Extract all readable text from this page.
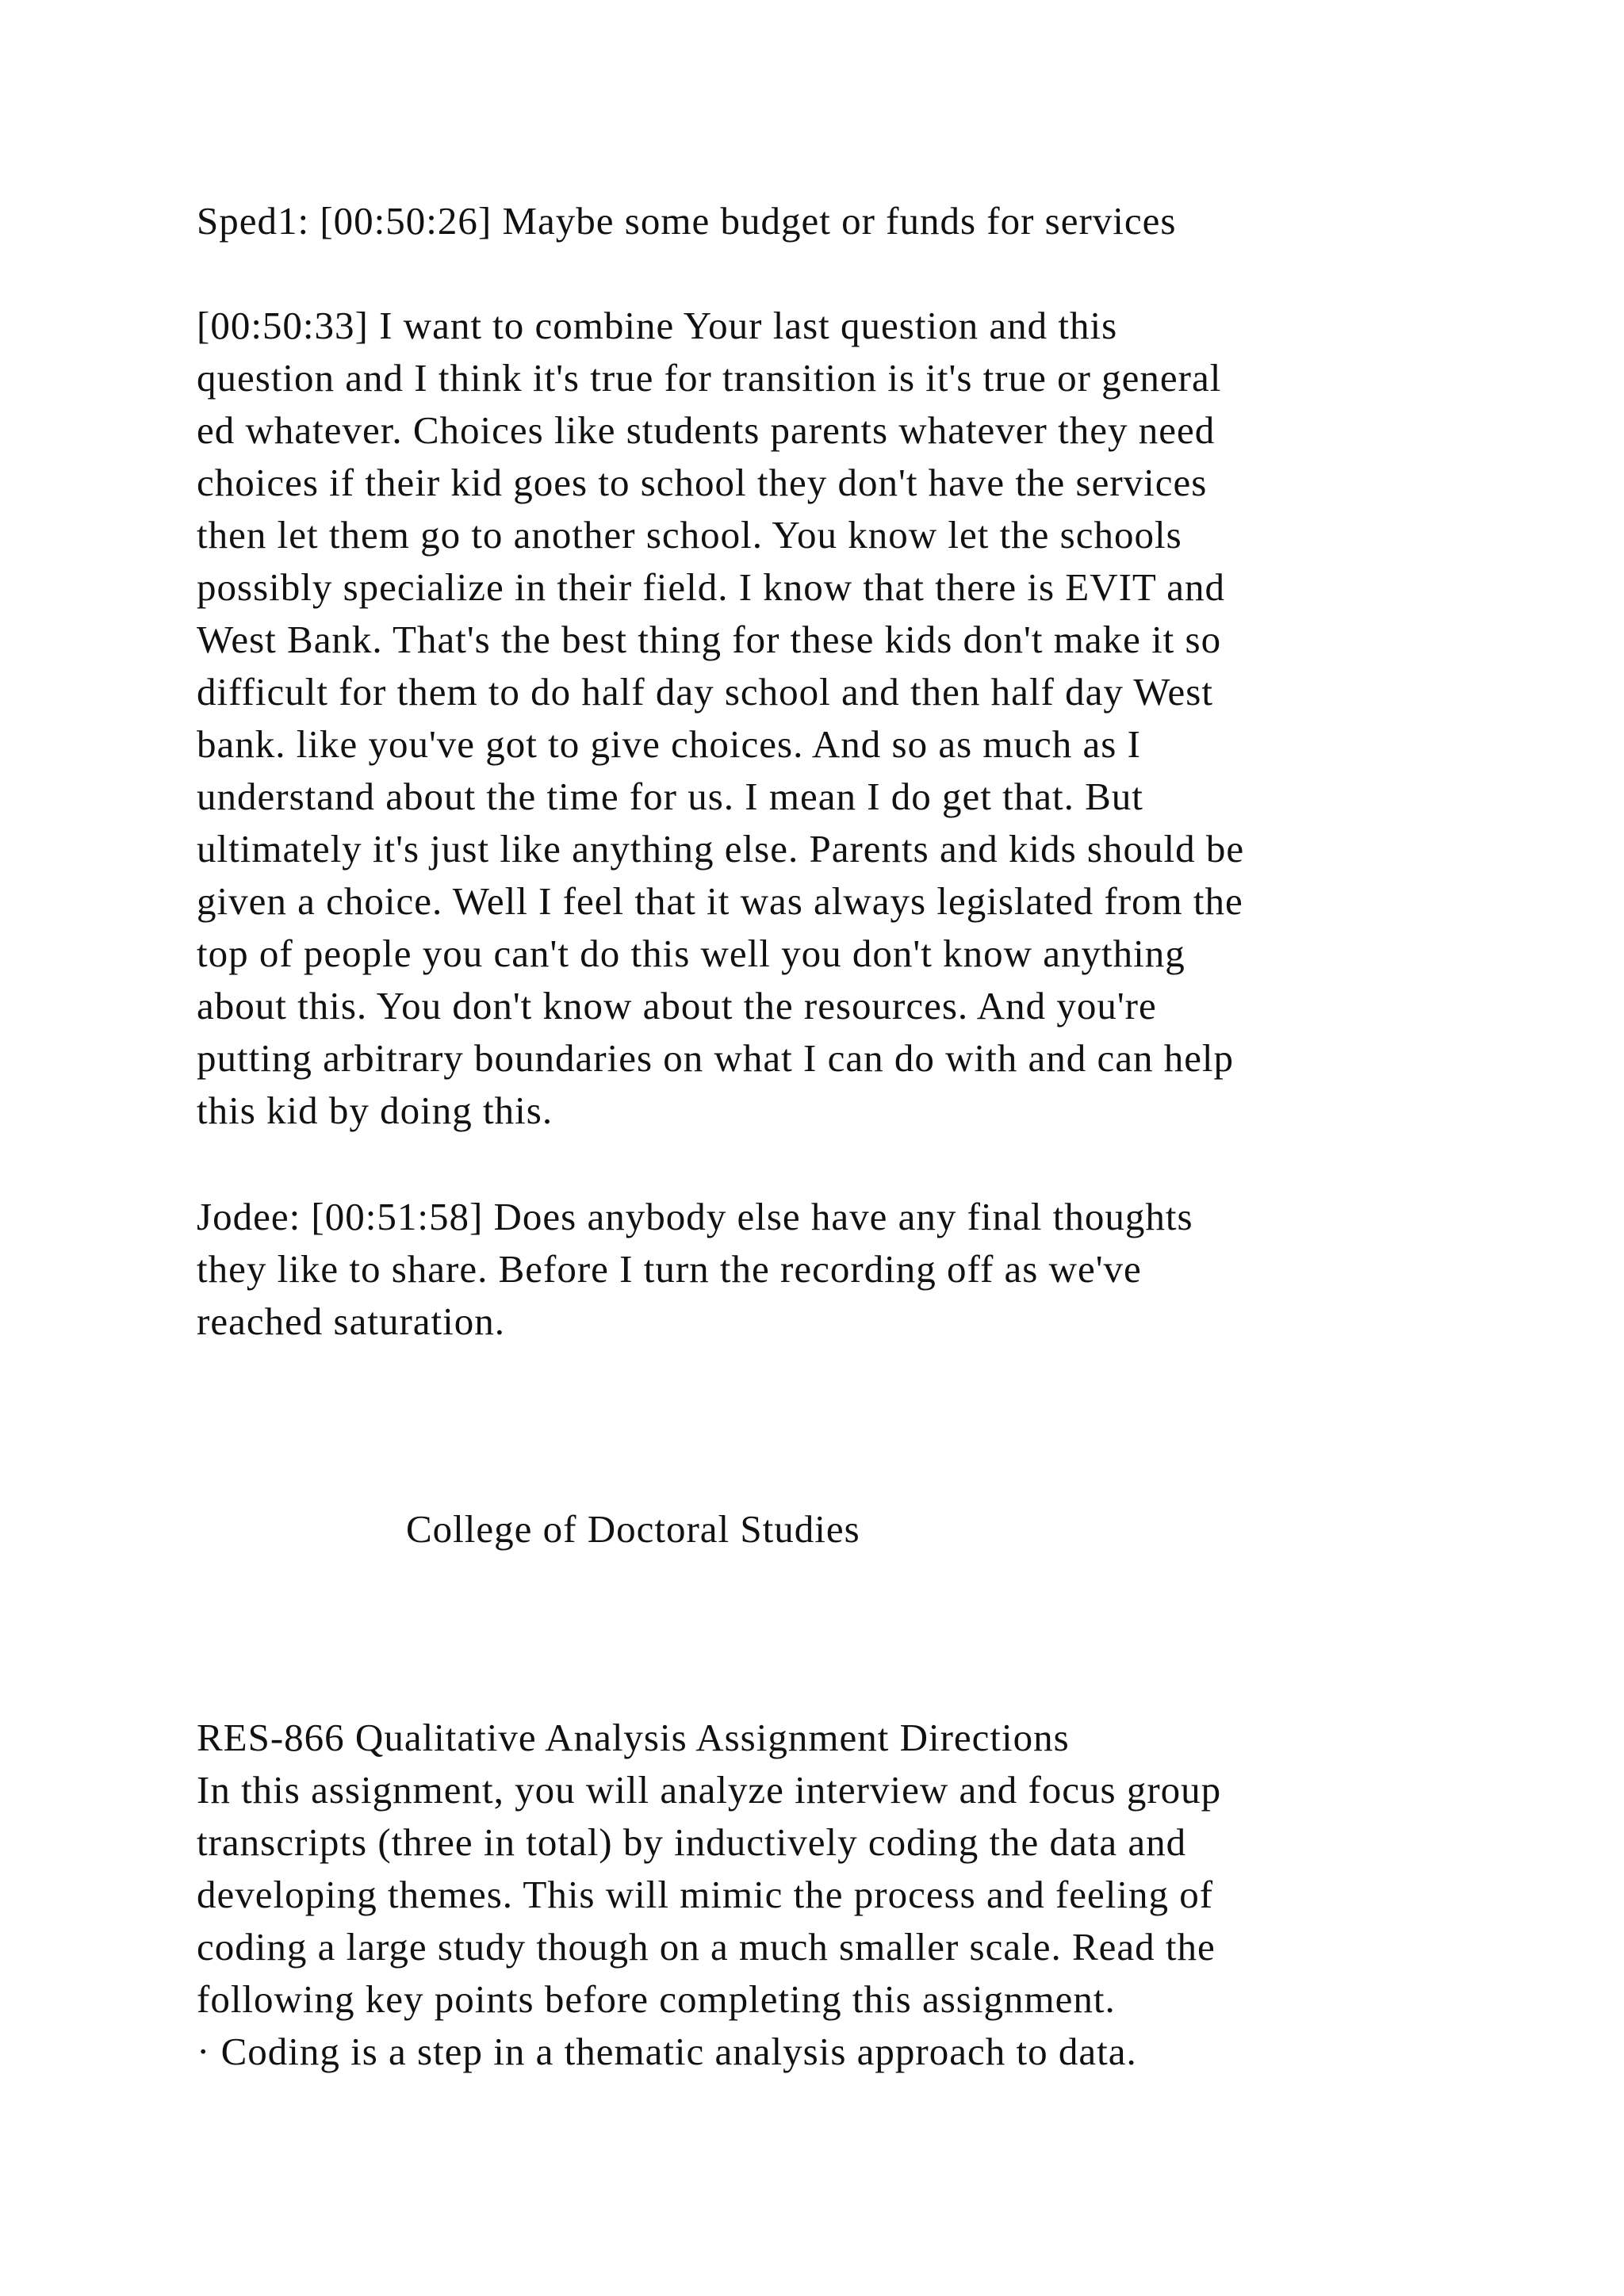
Sped1: [00:50:26] Maybe some budget or funds for services
[00:50:33] I want to combine Your last question and this
question and I think it's true for transition is it's true or general
ed whatever. Choices like students parents whatever they need
choices if their kid goes to school they don't have the services
then let them go to another school. You know let the schools
possibly specialize in their field. I know that there is EVIT and
West Bank. That's the best thing for these kids don't make it so
difficult for them to do half day school and then half day West
bank. like you've got to give choices. And so as much as I
understand about the time for us. I mean I do get that. But
ultimately it's just like anything else. Parents and kids should be
given a choice. Well I feel that it was always legislated from the
top of people you can't do this well you don't know anything
about this. You don't know about the resources. And you're
putting arbitrary boundaries on what I can do with and can help
this kid by doing this.
Jodee: [00:51:58] Does anybody else have any final thoughts
they like to share. Before I turn the recording off as we've
reached saturation.
College of Doctoral Studies
RES-866 Qualitative Analysis Assignment Directions
In this assignment, you will analyze interview and focus group
transcripts (three in total) by inductively coding the data and
developing themes. This will mimic the process and feeling of
coding a large study though on a much smaller scale. Read the
following key points before completing this assignment.
· Coding is a step in a thematic analysis approach to data.
